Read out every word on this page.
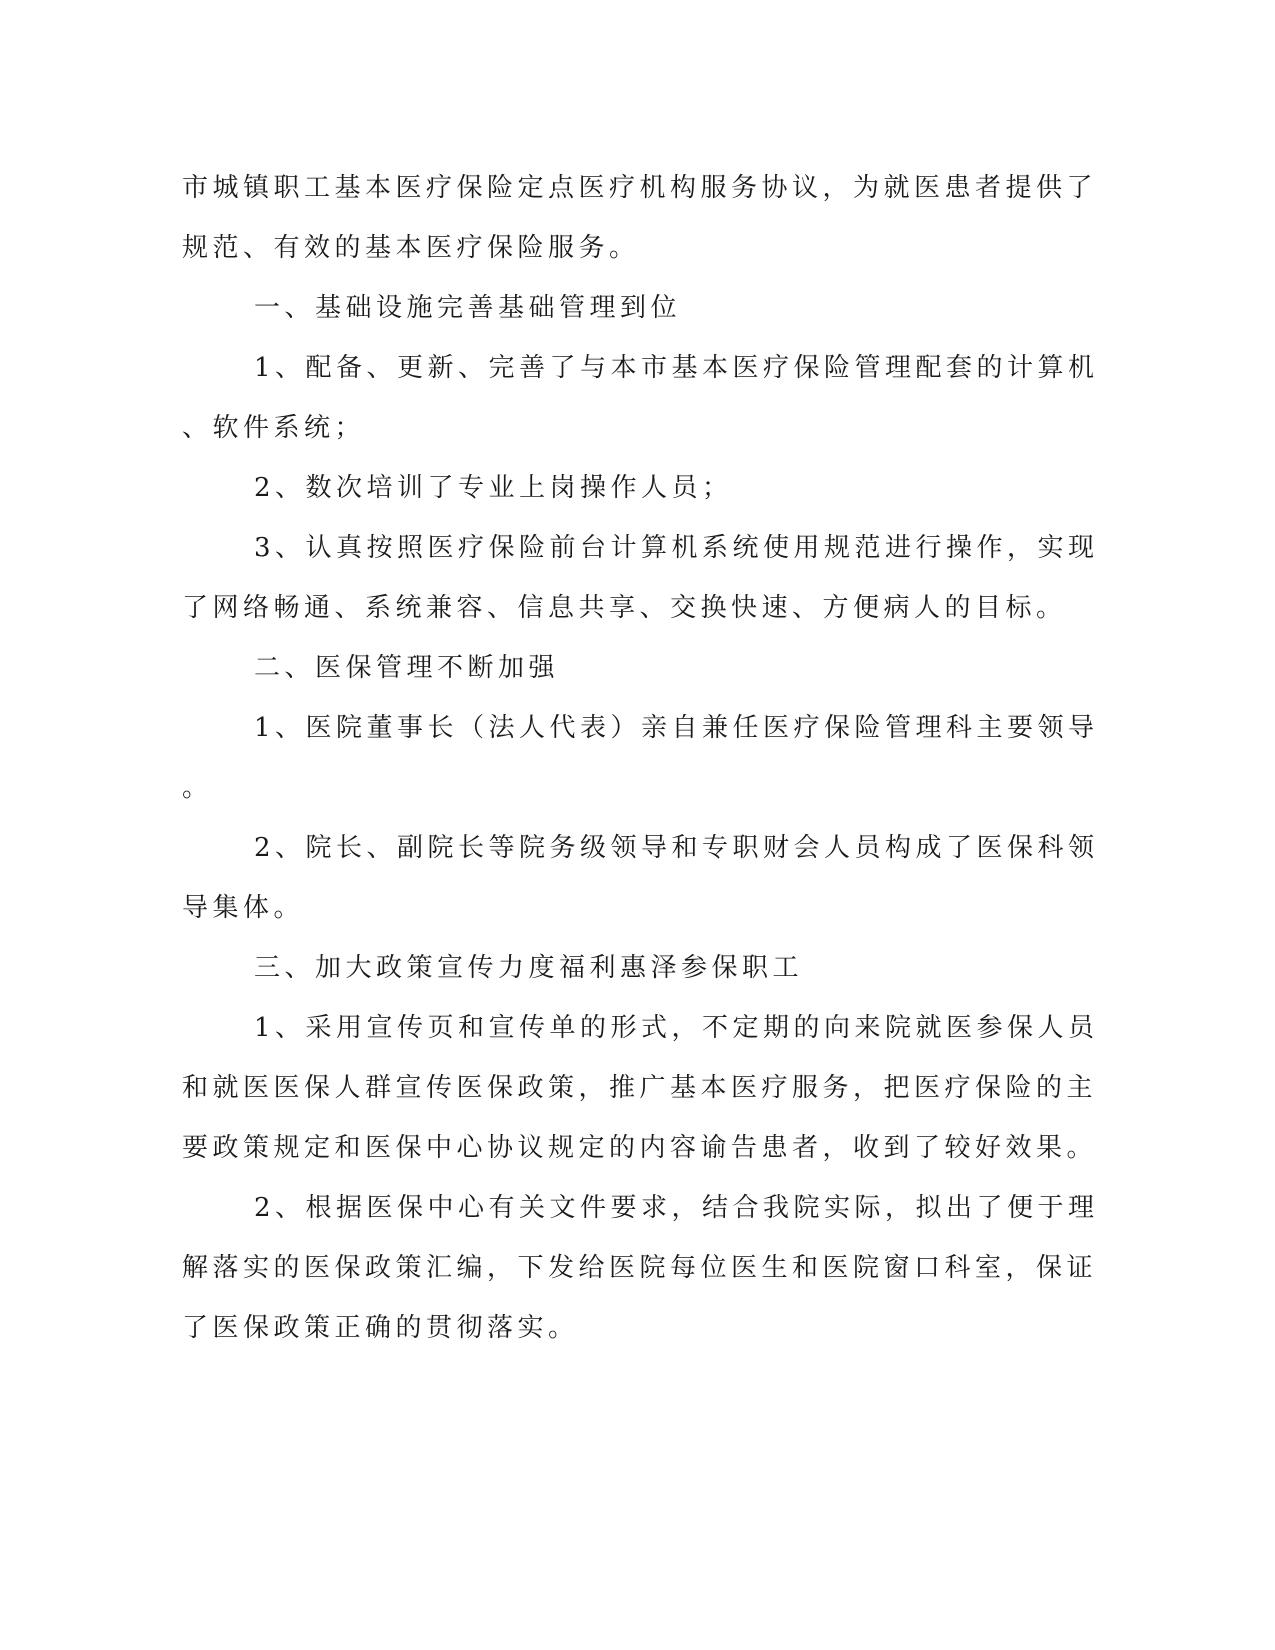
市城镇职工基本医疗保险定点医疗机构服务协议，为就医患者提供了
规范、有效的基本医疗保险服务。
一、基础设施完善基础管理到位
1、配备、更新、完善了与本市基本医疗保险管理配套的计算机
、软件系统；
2、数次培训了专业上岗操作人员；
3、认真按照医疗保险前台计算机系统使用规范进行操作，实现
了网络畅通、系统兼容、信息共享、交换快速、方便病人的目标。
二、医保管理不断加强
1、医院董事长（法人代表）亲自兼任医疗保险管理科主要领导
。
2、院长、副院长等院务级领导和专职财会人员构成了医保科领
导集体。
三、加大政策宣传力度福利惠泽参保职工
1、采用宣传页和宣传单的形式，不定期的向来院就医参保人员
和就医医保人群宣传医保政策，推广基本医疗服务，把医疗保险的主
要政策规定和医保中心协议规定的内容谕告患者，收到了较好效果。
2、根据医保中心有关文件要求，结合我院实际，拟出了便于理
解落实的医保政策汇编，下发给医院每位医生和医院窗口科室，保证
了医保政策正确的贯彻落实。
